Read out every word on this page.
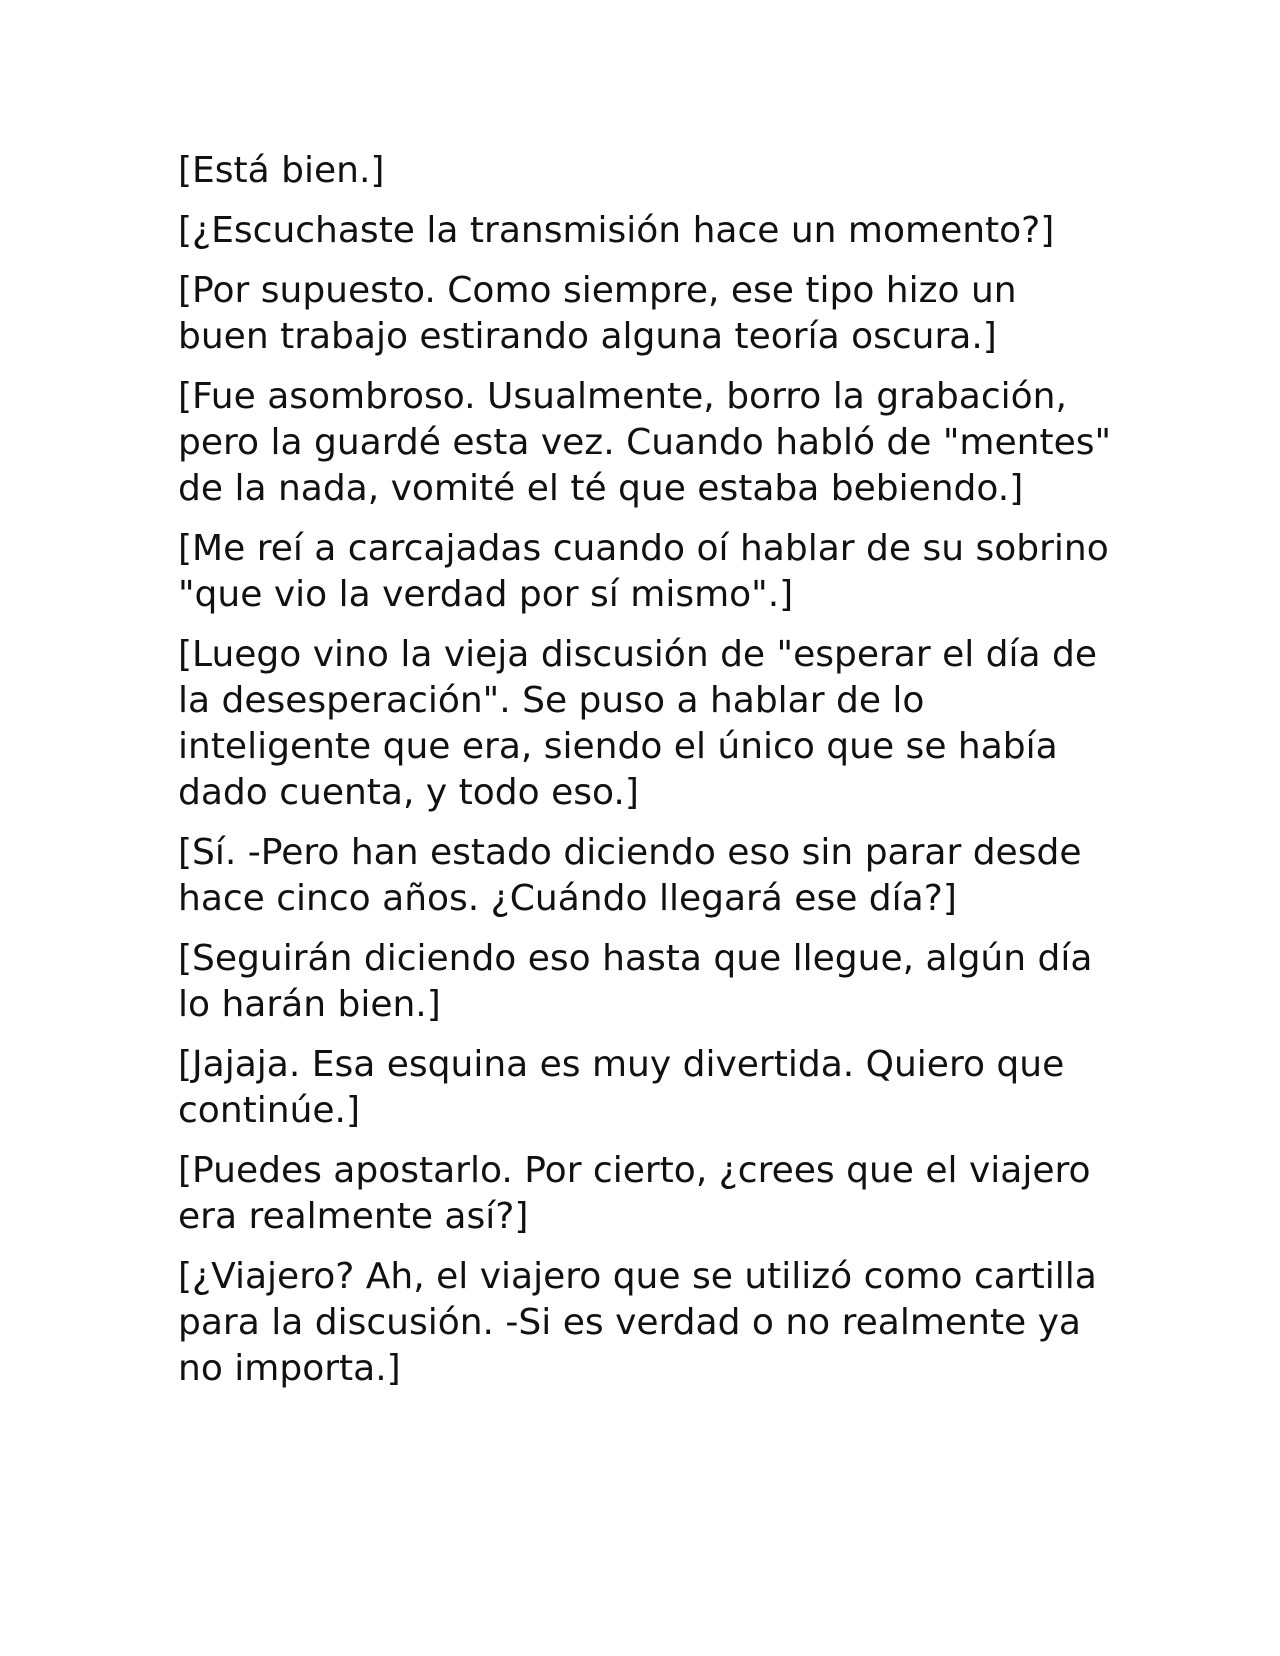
[Está bien.]

[¿Escuchaste la transmisión hace un momento?]

[Por supuesto. Como siempre, ese tipo hizo un buen trabajo estirando alguna teoría oscura.]

[Fue asombroso. Usualmente, borro la grabación, pero la guardé esta vez. Cuando habló de "mentes" de la nada, vomité el té que estaba bebiendo.]

[Me reí a carcajadas cuando oí hablar de su sobrino "que vio la verdad por sí mismo".]

[Luego vino la vieja discusión de "esperar el día de la desesperación". Se puso a hablar de lo inteligente que era, siendo el único que se había dado cuenta, y todo eso.]

[Sí. -Pero han estado diciendo eso sin parar desde hace cinco años. ¿Cuándo llegará ese día?]

[Seguirán diciendo eso hasta que llegue, algún día lo harán bien.]

[Jajaja. Esa esquina es muy divertida. Quiero que continúe.]

[Puedes apostarlo. Por cierto, ¿crees que el viajero era realmente así?]

[¿Viajero? Ah, el viajero que se utilizó como cartilla para la discusión. -Si es verdad o no realmente ya no importa.]
